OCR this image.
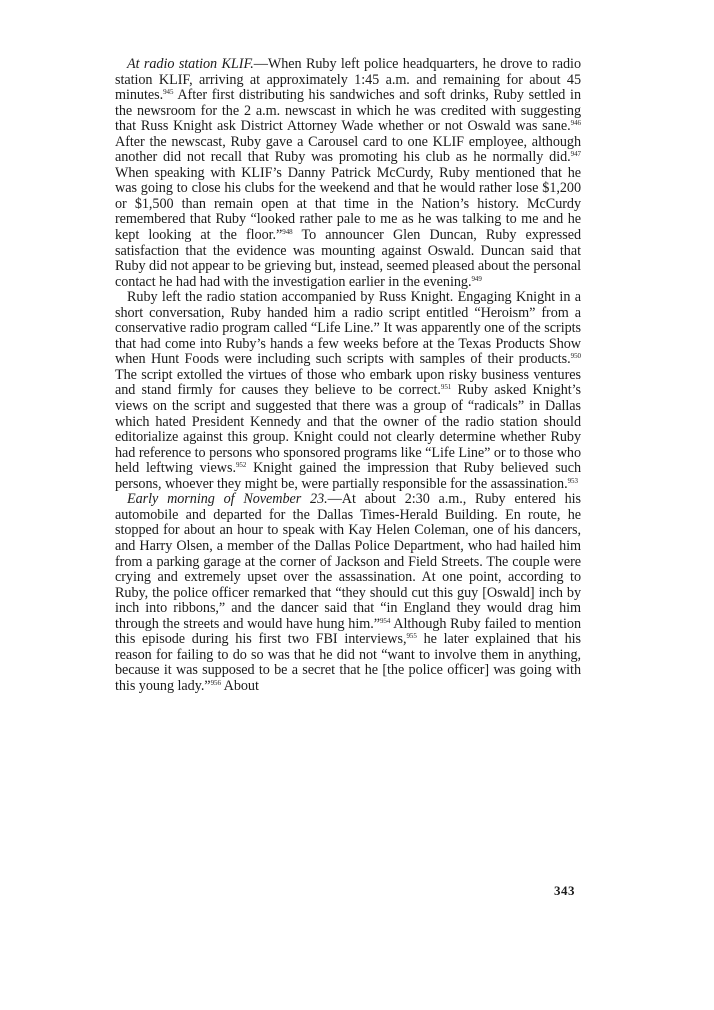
At radio station KLIF.—When Ruby left police headquarters, he drove to radio station KLIF, arriving at approximately 1:45 a.m. and remaining for about 45 minutes.$^{945}$ After first distributing his sandwiches and soft drinks, Ruby settled in the newsroom for the 2 a.m. newscast in which he was credited with suggesting that Russ Knight ask District Attorney Wade whether or not Oswald was sane.$^{946}$ After the newscast, Ruby gave a Carousel card to one KLIF employee, although another did not recall that Ruby was promoting his club as he normally did.$^{947}$ When speaking with KLIF’s Danny Patrick McCurdy, Ruby mentioned that he was going to close his clubs for the weekend and that he would rather lose $1,200 or $1,500 than remain open at that time in the Nation’s history. McCurdy remembered that Ruby “looked rather pale to me as he was talking to me and he kept looking at the floor.”$^{948}$ To announcer Glen Duncan, Ruby expressed satisfaction that the evidence was mounting against Oswald. Duncan said that Ruby did not appear to be grieving but, instead, seemed pleased about the personal contact he had had with the investigation earlier in the evening.$^{949}$

Ruby left the radio station accompanied by Russ Knight. Engaging Knight in a short conversation, Ruby handed him a radio script entitled “Heroism” from a conservative radio program called “Life Line.” It was apparently one of the scripts that had come into Ruby’s hands a few weeks before at the Texas Products Show when Hunt Foods were including such scripts with samples of their products.$^{950}$ The script extolled the virtues of those who embark upon risky business ventures and stand firmly for causes they believe to be correct.$^{951}$ Ruby asked Knight’s views on the script and suggested that there was a group of “radicals” in Dallas which hated President Kennedy and that the owner of the radio station should editorialize against this group. Knight could not clearly determine whether Ruby had reference to persons who sponsored programs like “Life Line” or to those who held leftwing views.$^{952}$ Knight gained the impression that Ruby believed such persons, whoever they might be, were partially responsible for the assassination.$^{953}$

Early morning of November 23.—At about 2:30 a.m., Ruby entered his automobile and departed for the Dallas Times-Herald Building. En route, he stopped for about an hour to speak with Kay Helen Coleman, one of his dancers, and Harry Olsen, a member of the Dallas Police Department, who had hailed him from a parking garage at the corner of Jackson and Field Streets. The couple were crying and extremely upset over the assassination. At one point, according to Ruby, the police officer remarked that “they should cut this guy [Oswald] inch by inch into ribbons,” and the dancer said that “in England they would drag him through the streets and would have hung him.”$^{954}$ Although Ruby failed to mention this episode during his first two FBI interviews,$^{955}$ he later explained that his reason for failing to do so was that he did not “want to involve them in anything, because it was supposed to be a secret that he [the police officer] was going with this young lady.”$^{956}$ About

343
